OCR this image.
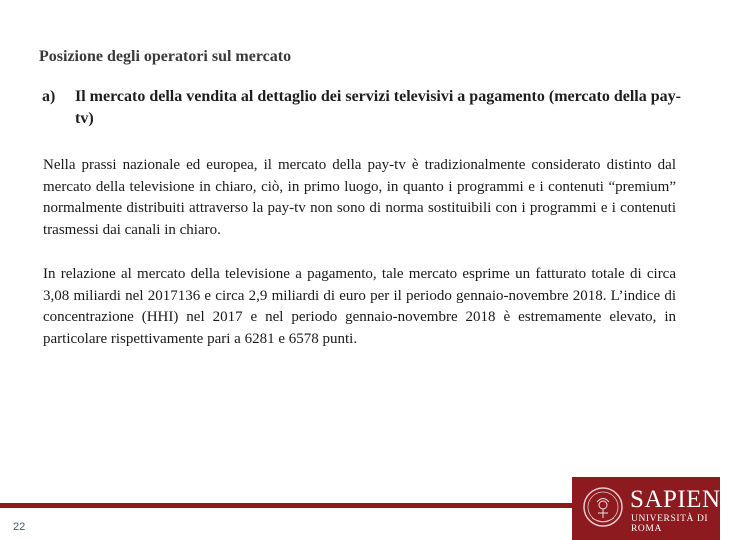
Posizione degli operatori sul mercato
a) Il mercato della vendita al dettaglio dei servizi televisivi a pagamento (mercato della pay-tv)
Nella prassi nazionale ed europea, il mercato della pay-tv è tradizionalmente considerato distinto dal mercato della televisione in chiaro, ciò, in primo luogo, in quanto i programmi e i contenuti “premium” normalmente distribuiti attraverso la pay-tv non sono di norma sostituibili con i programmi e i contenuti trasmessi dai canali in chiaro.
In relazione al mercato della televisione a pagamento, tale mercato esprime un fatturato totale di circa 3,08 miliardi nel 2017136 e circa 2,9 miliardi di euro per il periodo gennaio-novembre 2018. L’indice di concentrazione (HHI) nel 2017 e nel periodo gennaio-novembre 2018 è estremamente elevato, in particolare rispettivamente pari a 6281 e 6578 punti.
22
SAPIENZA
UNIVERSITÀ DI ROMA
